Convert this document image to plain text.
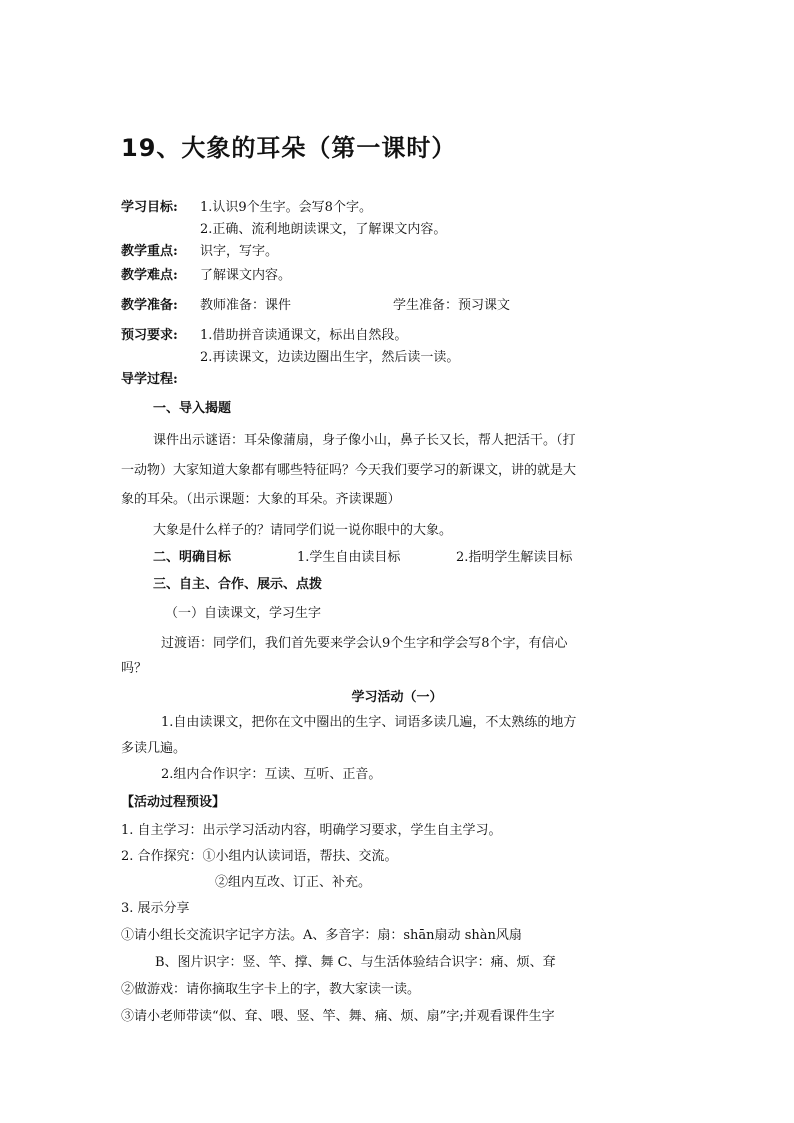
19、大象的耳朵（第一课时）
学习目标: 1.认识9个生字。会写8个字。
2.正确、流利地朗读课文，了解课文内容。
教学重点: 识字，写字。
教学难点: 了解课文内容。
教学准备: 教师准备：课件	学生准备：预习课文
预习要求: 1.借助拼音读通课文，标出自然段。
2.再读课文，边读边圈出生字，然后读一读。
导学过程:
一、导入揭题
课件出示谜语：耳朵像蒲扇，身子像小山，鼻子长又长，帮人把活干。（打
一动物）大家知道大象都有哪些特征吗？今天我们要学习的新课文，讲的就是大
象的耳朵。（出示课题：大象的耳朵。齐读课题）
大象是什么样子的？请同学们说一说你眼中的大象。
二、明确目标	1.学生自由读目标	2.指明学生解读目标
三、自主、合作、展示、点拨
（一）自读课文，学习生字
过渡语：同学们，我们首先要来学会认9个生字和学会写8个字，有信心
吗？
学习活动（一）
1.自由读课文，把你在文中圈出的生字、词语多读几遍，不太熟练的地方
多读几遍。
2.组内合作识字：互读、互听、正音。
【活动过程预设】
1. 自主学习：出示学习活动内容，明确学习要求，学生自主学习。
2. 合作探究：①小组内认读词语，帮扶、交流。
②组内互改、订正、补充。
3. 展示分享
①请小组长交流识字记字方法。A、多音字：扇：shān扇动 shàn风扇
B、图片识字：竖、竿、撑、舞 C、与生活体验结合识字：痛、烦、耷
②做游戏：请你摘取生字卡上的字，教大家读一读。
③请小老师带读“似、耷、喂、竖、竿、舞、痛、烦、扇”字;并观看课件生字
